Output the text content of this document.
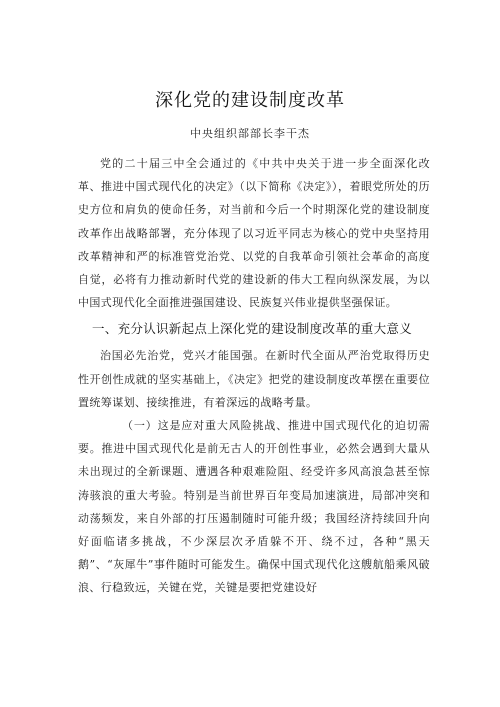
深化党的建设制度改革
中央组织部部长李干杰

党的二十届三中全会通过的《中共中央关于进一步全面深化改革、推进中国式现代化的决定》（以下简称《决定》），着眼党所处的历史方位和肩负的使命任务，对当前和今后一个时期深化党的建设制度改革作出战略部署，充分体现了以习近平同志为核心的党中央坚持用改革精神和严的标准管党治党、以党的自我革命引领社会革命的高度自觉，必将有力推动新时代党的建设新的伟大工程向纵深发展，为以中国式现代化全面推进强国建设、民族复兴伟业提供坚强保证。

一、充分认识新起点上深化党的建设制度改革的重大意义

治国必先治党，党兴才能国强。在新时代全面从严治党取得历史性开创性成就的坚实基础上，《决定》把党的建设制度改革摆在重要位置统筹谋划、接续推进，有着深远的战略考量。

（一）这是应对重大风险挑战、推进中国式现代化的迫切需要。推进中国式现代化是前无古人的开创性事业，必然会遇到大量从未出现过的全新课题、遭遇各种艰难险阻、经受许多风高浪急甚至惊涛骇浪的重大考验。特别是当前世界百年变局加速演进，局部冲突和动荡频发，来自外部的打压遏制随时可能升级；我国经济持续回升向好面临诸多挑战，不少深层次矛盾躲不开、绕不过，各种“黑天鹅”、“灰犀牛”事件随时可能发生。确保中国式现代化这艘航船乘风破浪、行稳致远，关键在党，关键是要把党建设好
